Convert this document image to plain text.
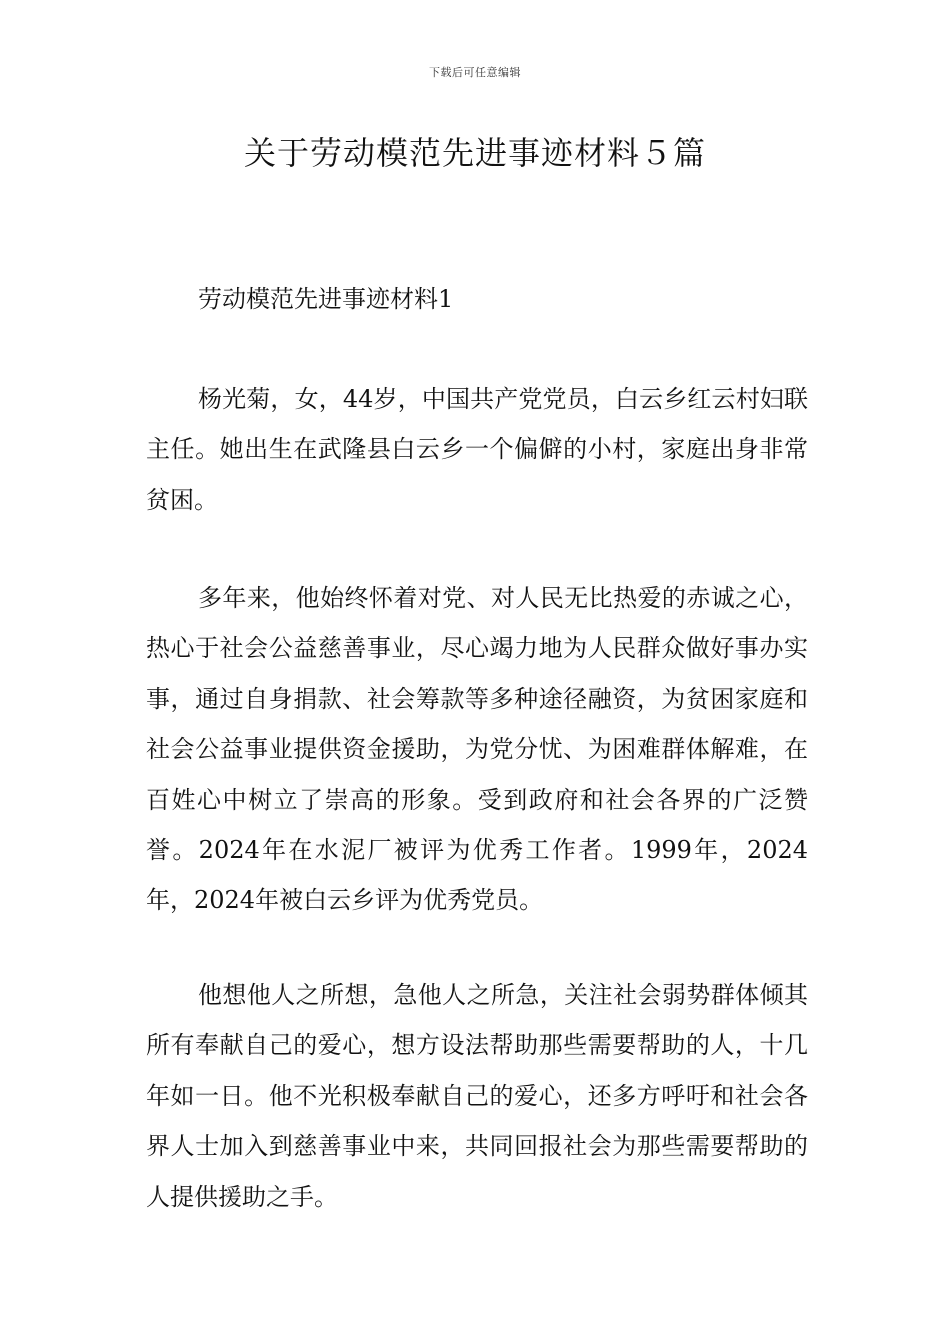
下载后可任意编辑
关于劳动模范先进事迹材料５篇
劳动模范先进事迹材料1

杨光菊，女，44岁，中国共产党党员，白云乡红云村妇联主任。她出生在武隆县白云乡一个偏僻的小村，家庭出身非常贫困。

多年来，他始终怀着对党、对人民无比热爱的赤诚之心，热心于社会公益慈善事业，尽心竭力地为人民群众做好事办实事，通过自身捐款、社会筹款等多种途径融资，为贫困家庭和社会公益事业提供资金援助，为党分忧、为困难群体解难，在百姓心中树立了崇高的形象。受到政府和社会各界的广泛赞誉。2024年在水泥厂被评为优秀工作者。1999年，2024年，2024年被白云乡评为优秀党员。

他想他人之所想，急他人之所急，关注社会弱势群体倾其所有奉献自己的爱心，想方设法帮助那些需要帮助的人，十几年如一日。他不光积极奉献自己的爱心，还多方呼吁和社会各界人士加入到慈善事业中来，共同回报社会为那些需要帮助的人提供援助之手。
